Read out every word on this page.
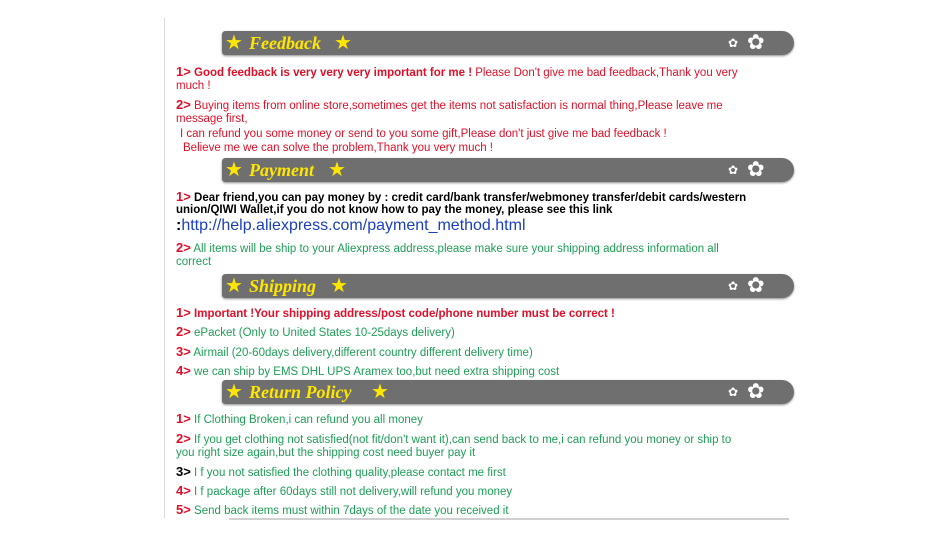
★ Feedback ★	✿ ✿
1> Good feedback is very very very important for me ! Please Don't give me bad feedback,Thank you very
much !
2> Buying items from online store,sometimes get the items not satisfaction is normal thing,Please leave me
message first,
I can refund you some money or send to you some gift,Please don't just give me bad feedback !
Believe me we can solve the problem,Thank you very much !
★ Payment ★	✿ ✿
1> Dear friend,you can pay money by : credit card/bank transfer/webmoney transfer/debit cards/western
union/QIWI Wallet,if you do not know how to pay the money, please see this link
:http://help.aliexpress.com/payment_method.html
2> All items will be ship to your Aliexpress address,please make sure your shipping address information all
correct
★ Shipping ★	✿ ✿
1> Important !Your shipping address/post code/phone number must be correct !
2> ePacket (Only to United States 10-25days delivery)
3> Airmail (20-60days delivery,different country different delivery time)
4> we can ship by EMS DHL UPS Aramex too,but need extra shipping cost
★ Return Policy ★	✿ ✿
1> If Clothing Broken,i can refund you all money
2> If you get clothing not satisfied(not fit/don't want it),can send back to me,i can refund you money or ship to
you right size again,but the shipping cost need buyer pay it
3> I f you not satisfied the clothing quality,please contact me first
4> I f package after 60days still not delivery,will refund you money
5> Send back items must within 7days of the date you received it
